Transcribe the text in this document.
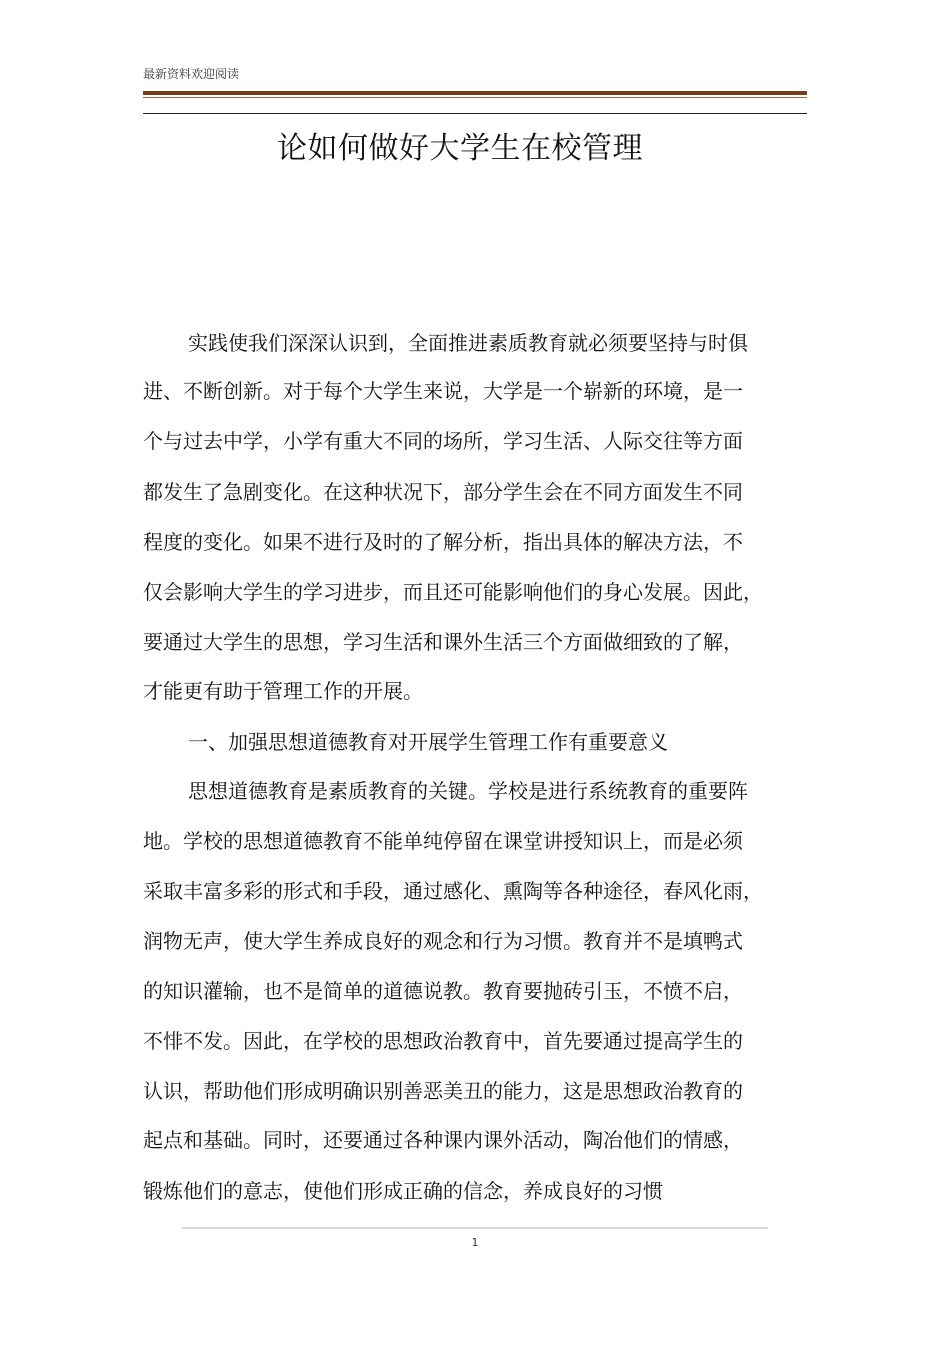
最新资料欢迎阅读
论如何做好大学生在校管理
实践使我们深深认识到，全面推进素质教育就必须要坚持与时俱
进、不断创新。对于每个大学生来说，大学是一个崭新的环境，是一
个与过去中学，小学有重大不同的场所，学习生活、人际交往等方面
都发生了急剧变化。在这种状况下，部分学生会在不同方面发生不同
程度的变化。如果不进行及时的了解分析，指出具体的解决方法，不
仅会影响大学生的学习进步，而且还可能影响他们的身心发展。因此，
要通过大学生的思想，学习生活和课外生活三个方面做细致的了解，
才能更有助于管理工作的开展。
一、加强思想道德教育对开展学生管理工作有重要意义
思想道德教育是素质教育的关键。学校是进行系统教育的重要阵
地。学校的思想道德教育不能单纯停留在课堂讲授知识上，而是必须
采取丰富多彩的形式和手段，通过感化、熏陶等各种途径，春风化雨，
润物无声，使大学生养成良好的观念和行为习惯。教育并不是填鸭式
的知识灌输，也不是简单的道德说教。教育要抛砖引玉，不愤不启，
不悱不发。因此，在学校的思想政治教育中，首先要通过提高学生的
认识，帮助他们形成明确识别善恶美丑的能力，这是思想政治教育的
起点和基础。同时，还要通过各种课内课外活动，陶冶他们的情感，
锻炼他们的意志，使他们形成正确的信念，养成良好的习惯
1
